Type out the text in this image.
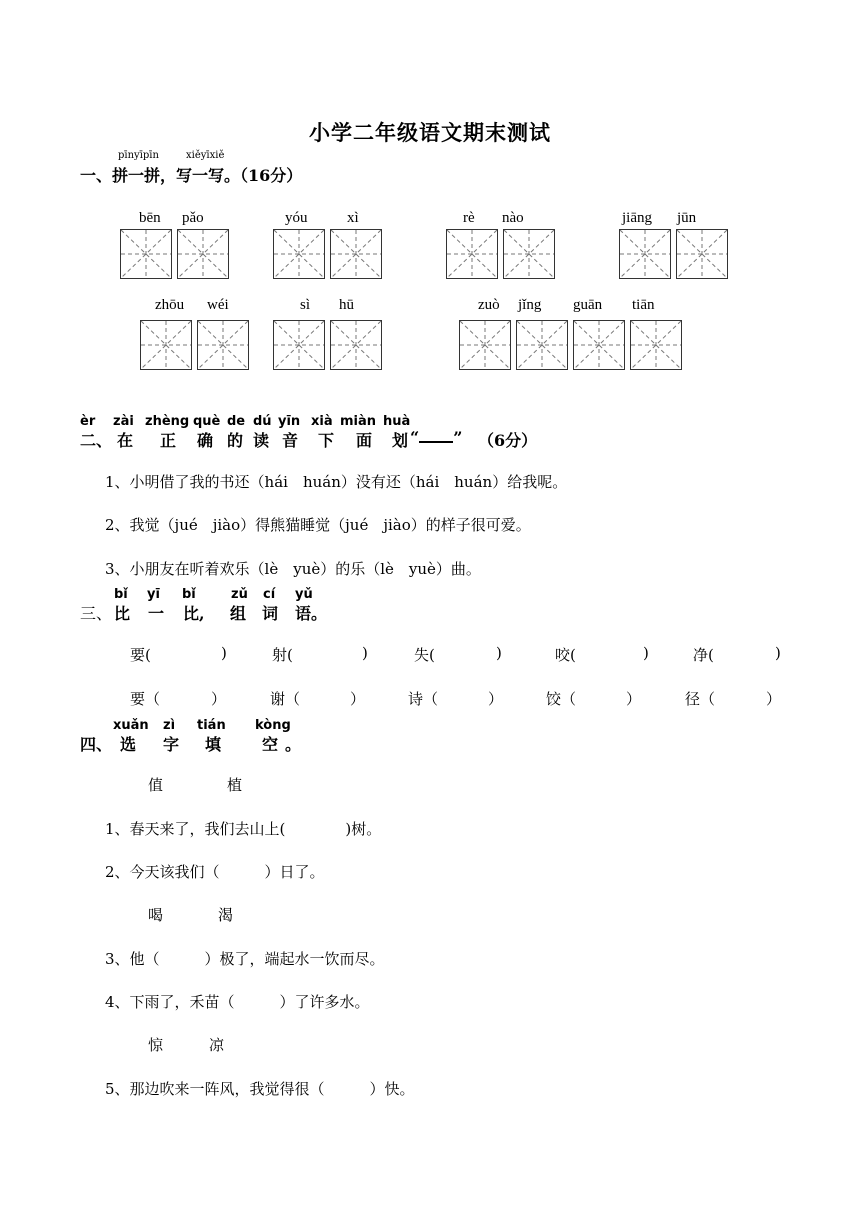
小学二年级语文期末测试
pīnyīpīn	xiěyīxiě
一、拼一拼，写一写。（16分）
bēn pǎo	yóu	xì	rè nào	jiāng jūn
zhōu wéi	sì hū	zuò jǐng guān tiān
èr zài zhèng què de dú yīn xià miàn huà
二、 在 正 确 的 读 音 下 面 划 “ ” （6分）
1、小明借了我的书还（hái　huán）没有还（hái　huán）给我呢。
2、我觉（jué　jiào）得熊猫睡觉（jué　jiào）的样子很可爱。
3、小朋友在听着欢乐（lè　yuè）的乐（lè　yuè）曲。
bǐ yī bǐ	zǔ cí yǔ
三、 比 一 比, 组 词 语。
要(	)	射(	)	失(	)	咬(	)	净(	)
要（	）	谢（	）	诗（	）	饺（	）	径（	）
xuǎn zì tián kòng
四、 选 字 填	空 。
值	植
1、春天来了，我们去山上(　　　　)树。
2、今天该我们（　　　）日了。
喝	渴
3、他（　　　）极了，端起水一饮而尽。
4、下雨了，禾苗（　　　）了许多水。
惊	凉
5、那边吹来一阵风，我觉得很（　　　）快。
